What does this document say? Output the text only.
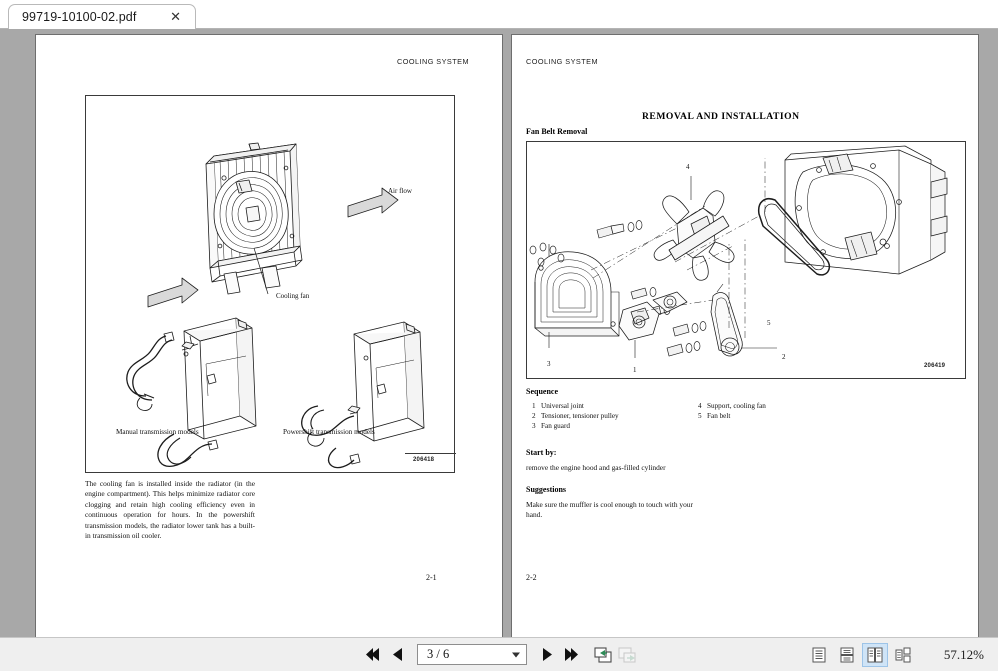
99719-10100-02.pdf	✕
COOLING SYSTEM
Air flow
Cooling fan
Manual transmission models	Powershift transmission models
206418
The cooling fan is installed inside the radiator (in the engine compartment). This helps minimize radiator core clogging and retain high cooling efficiency even in continuous operation for hours. In the powershift transmission models, the radiator lower tank has a built-in transmission oil cooler.
2-1
COOLING SYSTEM
REMOVAL AND INSTALLATION
Fan Belt Removal
4
5
3
1
2
206419
Sequence
1 Universal joint
2 Tensioner, tensioner pulley
3 Fan guard
4 Support, cooling fan
5 Fan belt
Start by:
remove the engine hood and gas-filled cylinder
Suggestions
Make sure the muffler is cool enough to touch with your hand.
2-2
3 / 6
57.12%
